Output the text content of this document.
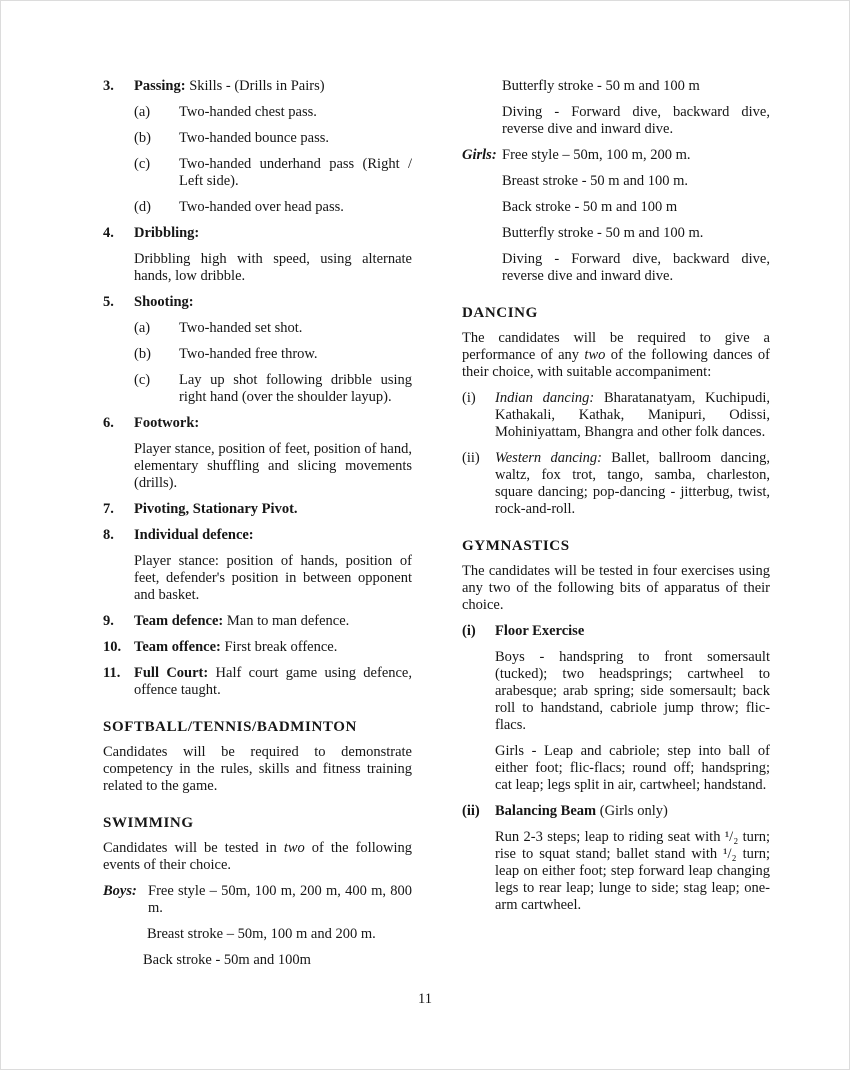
3.	Passing: Skills - (Drills in Pairs)

(a)	Two-handed chest pass.

(b)	Two-handed bounce pass.

(c)	Two-handed underhand pass (Right / Left side).

(d)	Two-handed over head pass.

4.	Dribbling:

Dribbling high with speed, using alternate hands, low dribble.

5.	Shooting:

(a)	Two-handed set shot.

(b)	Two-handed free throw.

(c)	Lay up shot following dribble using right hand (over the shoulder layup).

6.	Footwork:

Player stance, position of feet, position of hand, elementary shuffling and slicing movements (drills).

7.	Pivoting, Stationary Pivot.

8.	Individual defence:

Player stance: position of hands, position of feet, defender's position in between opponent and basket.

9.	Team defence: Man to man defence.

10. Team offence: First break offence.

11. Full Court: Half court game using defence, offence taught.

SOFTBALL/TENNIS/BADMINTON

Candidates will be required to demonstrate competency in the rules, skills and fitness training related to the game.

SWIMMING

Candidates will be tested in two of the following events of their choice.

Boys: Free style – 50m, 100 m, 200 m, 400 m, 800 m.

Breast stroke – 50m, 100 m and 200 m.

Back stroke - 50m and 100m

Butterfly stroke - 50 m and 100 m

Diving - Forward dive, backward dive, reverse dive and inward dive.

Girls: Free style – 50m, 100 m, 200 m.

Breast stroke - 50 m and 100 m.

Back stroke - 50 m and 100 m

Butterfly stroke - 50 m and 100 m.

Diving - Forward dive, backward dive, reverse dive and inward dive.

DANCING

The candidates will be required to give a performance of any two of the following dances of their choice, with suitable accompaniment:

(i)	Indian dancing: Bharatanatyam, Kuchipudi, Kathakali, Kathak, Manipuri, Odissi, Mohiniyattam, Bhangra and other folk dances.

(ii)	Western dancing: Ballet, ballroom dancing, waltz, fox trot, tango, samba, charleston, square dancing; pop-dancing - jitterbug, twist, rock-and-roll.

GYMNASTICS

The candidates will be tested in four exercises using any two of the following bits of apparatus of their choice.

(i)	Floor Exercise

Boys - handspring to front somersault (tucked); two headsprings; cartwheel to arabesque; arab spring; side somersault; back roll to handstand, cabriole jump throw; flic-flacs.

Girls - Leap and cabriole; step into ball of either foot; flic-flacs; round off; handspring; cat leap; legs split in air, cartwheel; handstand.

(ii)	Balancing Beam (Girls only)

Run 2-3 steps; leap to riding seat with ¹/₂ turn; rise to squat stand; ballet stand with ¹/₂ turn; leap on either foot; step forward leap changing legs to rear leap; lunge to side; stag leap; one-arm cartwheel.

11
